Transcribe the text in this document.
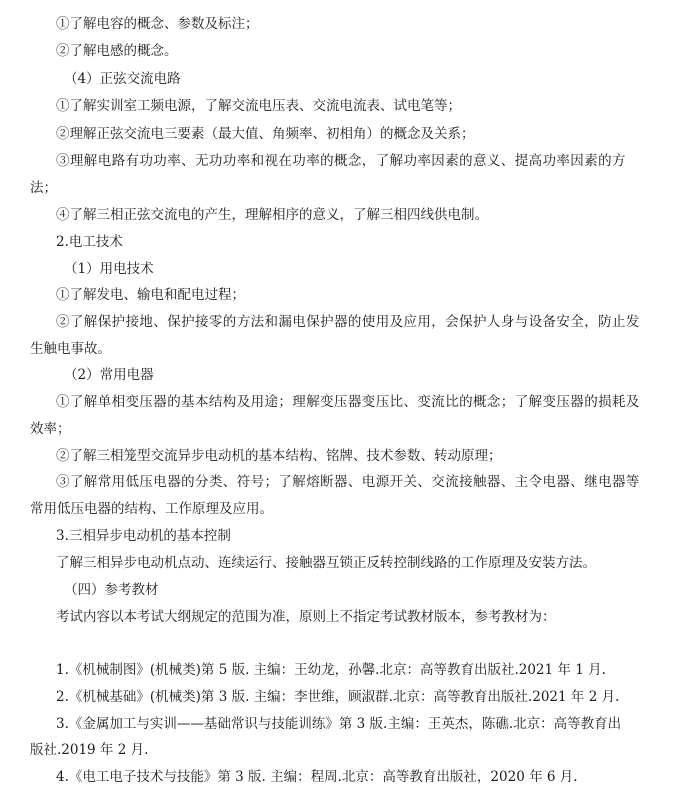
①了解电容的概念、参数及标注；
②了解电感的概念。
（4）正弦交流电路
①了解实训室工频电源，了解交流电压表、交流电流表、试电笔等；
②理解正弦交流电三要素（最大值、角频率、初相角）的概念及关系；
③理解电路有功功率、无功功率和视在功率的概念，了解功率因素的意义、提高功率因素的方
法；
④了解三相正弦交流电的产生，理解相序的意义，了解三相四线供电制。
2.电工技术
（1）用电技术
①了解发电、输电和配电过程；
②了解保护接地、保护接零的方法和漏电保护器的使用及应用，会保护人身与设备安全，防止发
生触电事故。
（2）常用电器
①了解单相变压器的基本结构及用途；理解变压器变压比、变流比的概念；了解变压器的损耗及
效率；
②了解三相笼型交流异步电动机的基本结构、铭牌、技术参数、转动原理；
③了解常用低压电器的分类、符号；了解熔断器、电源开关、交流接触器、主令电器、继电器等
常用低压电器的结构、工作原理及应用。
3.三相异步电动机的基本控制
了解三相异步电动机点动、连续运行、接触器互锁正反转控制线路的工作原理及安装方法。
（四）参考教材
考试内容以本考试大纲规定的范围为准，原则上不指定考试教材版本，参考教材为：
1.《机械制图》(机械类)第 5 版. 主编：王幼龙，孙馨.北京：高等教育出版社.2021 年 1 月.
2.《机械基础》(机械类)第 3 版. 主编：李世维，顾淑群.北京：高等教育出版社.2021 年 2 月.
3.《金属加工与实训——基础常识与技能训练》第 3 版.主编：王英杰，陈礁.北京：高等教育出
版社.2019 年 2 月.
4.《电工电子技术与技能》第 3 版. 主编：程周.北京：高等教育出版社，2020 年 6 月.
